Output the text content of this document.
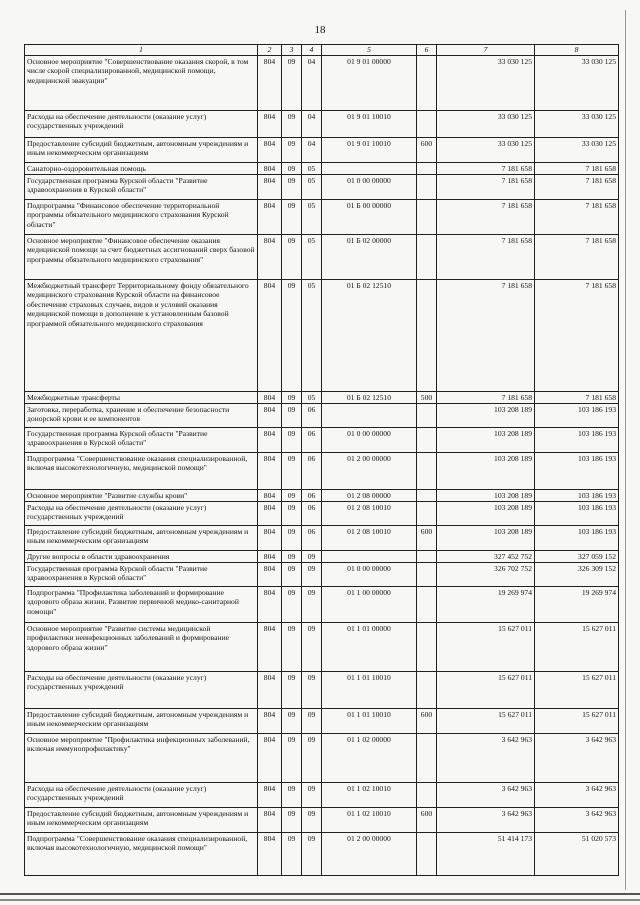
18
1	2	3	4	5	6	7	8
Основное мероприятие "Совершенствование оказания скорой, в том числе скорой специализированной, медицинской помощи, медицинской эвакуации"	804	09	04	01 9 01 00000		33 030 125	33 030 125
Расходы на обеспечение деятельности (оказание услуг) государственных учреждений	804	09	04	01 9 01 10010		33 030 125	33 030 125
Предоставление субсидий бюджетным, автономным учреждениям и иным некоммерческим организациям	804	09	04	01 9 01 10010	600	33 030 125	33 030 125
Санаторно-оздоровительная помощь	804	09	05			7 181 658	7 181 658
Государственная программа Курской области "Развитие здравоохранения в Курской области"	804	09	05	01 0 00 00000		7 181 658	7 181 658
Подпрограмма "Финансовое обеспечение территориальной программы обязательного медицинского страхования Курской области"	804	09	05	01 Б 00 00000		7 181 658	7 181 658
Основное мероприятие "Финансовое обеспечение оказания медицинской помощи за счет бюджетных ассигнований сверх базовой программы обязательного медицинского страхования"	804	09	05	01 Б 02 00000		7 181 658	7 181 658
Межбюджетный трансферт Территориальному фонду обязательного медицинского страхования Курской области на финансовое обеспечение страховых случаев, видов и условий оказания медицинской помощи в дополнение к установленным базовой программой обязательного медицинского страхования	804	09	05	01 Б 02 12510		7 181 658	7 181 658
Межбюджетные трансферты	804	09	05	01 Б 02 12510	500	7 181 658	7 181 658
Заготовка, переработка, хранение и обеспечение безопасности донорской крови и ее компонентов	804	09	06			103 208 189	103 186 193
Государственная программа Курской области "Развитие здравоохранения в Курской области"	804	09	06	01 0 00 00000		103 208 189	103 186 193
Подпрограмма "Совершенствование оказания специализированной, включая высокотехнологичную, медицинской помощи"	804	09	06	01 2 00 00000		103 208 189	103 186 193
Основное мероприятие "Развитие службы крови"	804	09	06	01 2 08 00000		103 208 189	103 186 193
Расходы на обеспечение деятельности (оказание услуг) государственных учреждений	804	09	06	01 2 08 10010		103 208 189	103 186 193
Предоставление субсидий бюджетным, автономным учреждениям и иным некоммерческим организациям	804	09	06	01 2 08 10010	600	103 208 189	103 186 193
Другие вопросы в области здравоохранения	804	09	09			327 452 752	327 059 152
Государственная программа Курской области "Развитие здравоохранения в Курской области"	804	09	09	01 0 00 00000		326 702 752	326 309 152
Подпрограмма "Профилактика заболеваний и формирование здорового образа жизни. Развитие первичной медико-санитарной помощи"	804	09	09	01 1 00 00000		19 269 974	19 269 974
Основное мероприятие "Развитие системы медицинской профилактики неинфекционных заболеваний и формирование здорового образа жизни"	804	09	09	01 1 01 00000		15 627 011	15 627 011
Расходы на обеспечение деятельности (оказание услуг) государственных учреждений	804	09	09	01 1 01 10010		15 627 011	15 627 011
Предоставление субсидий бюджетным, автономным учреждениям и иным некоммерческим организациям	804	09	09	01 1 01 10010	600	15 627 011	15 627 011
Основное мероприятие "Профилактика инфекционных заболеваний, включая иммунопрофилактику"	804	09	09	01 1 02 00000		3 642 963	3 642 963
Расходы на обеспечение деятельности (оказание услуг) государственных учреждений	804	09	09	01 1 02 10010		3 642 963	3 642 963
Предоставление субсидий бюджетным, автономным учреждениям и иным некоммерческим организациям	804	09	09	01 1 02 10010	600	3 642 963	3 642 963
Подпрограмма "Совершенствование оказания специализированной, включая высокотехнологичную, медицинской помощи"	804	09	09	01 2 00 00000		51 414 173	51 020 573
